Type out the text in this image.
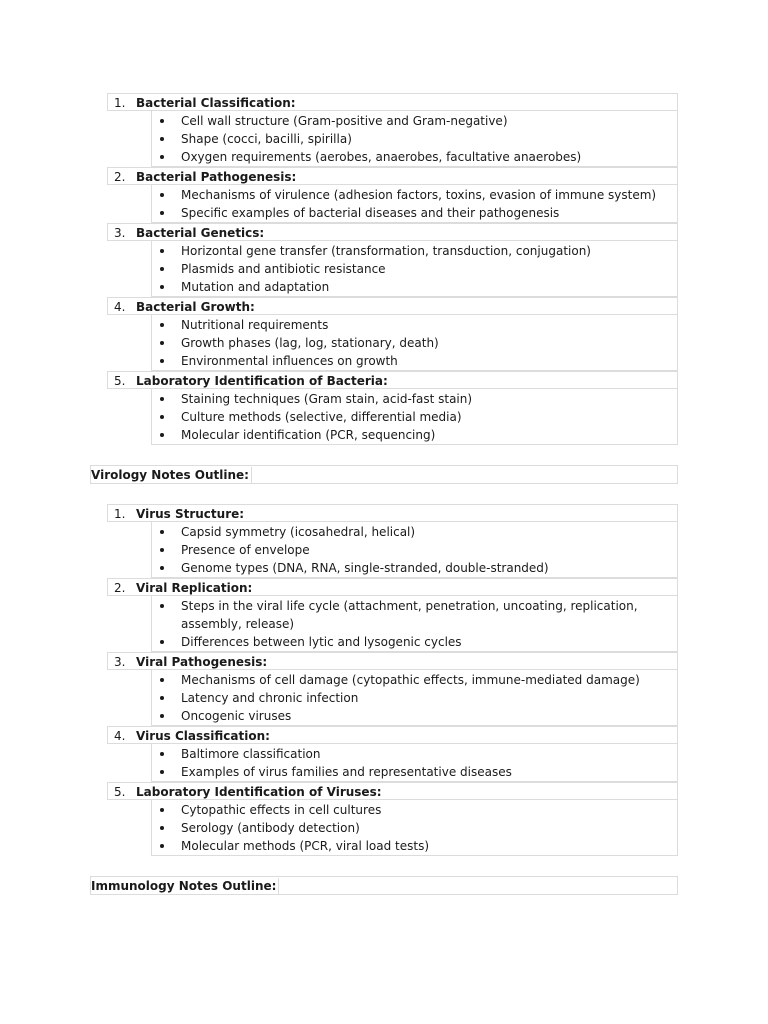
1. Bacterial Classification:
Cell wall structure (Gram-positive and Gram-negative)
Shape (cocci, bacilli, spirilla)
Oxygen requirements (aerobes, anaerobes, facultative anaerobes)
2. Bacterial Pathogenesis:
Mechanisms of virulence (adhesion factors, toxins, evasion of immune system)
Specific examples of bacterial diseases and their pathogenesis
3. Bacterial Genetics:
Horizontal gene transfer (transformation, transduction, conjugation)
Plasmids and antibiotic resistance
Mutation and adaptation
4. Bacterial Growth:
Nutritional requirements
Growth phases (lag, log, stationary, death)
Environmental influences on growth
5. Laboratory Identification of Bacteria:
Staining techniques (Gram stain, acid-fast stain)
Culture methods (selective, differential media)
Molecular identification (PCR, sequencing)
Virology Notes Outline:
1. Virus Structure:
Capsid symmetry (icosahedral, helical)
Presence of envelope
Genome types (DNA, RNA, single-stranded, double-stranded)
2. Viral Replication:
Steps in the viral life cycle (attachment, penetration, uncoating, replication, assembly, release)
Differences between lytic and lysogenic cycles
3. Viral Pathogenesis:
Mechanisms of cell damage (cytopathic effects, immune-mediated damage)
Latency and chronic infection
Oncogenic viruses
4. Virus Classification:
Baltimore classification
Examples of virus families and representative diseases
5. Laboratory Identification of Viruses:
Cytopathic effects in cell cultures
Serology (antibody detection)
Molecular methods (PCR, viral load tests)
Immunology Notes Outline:
